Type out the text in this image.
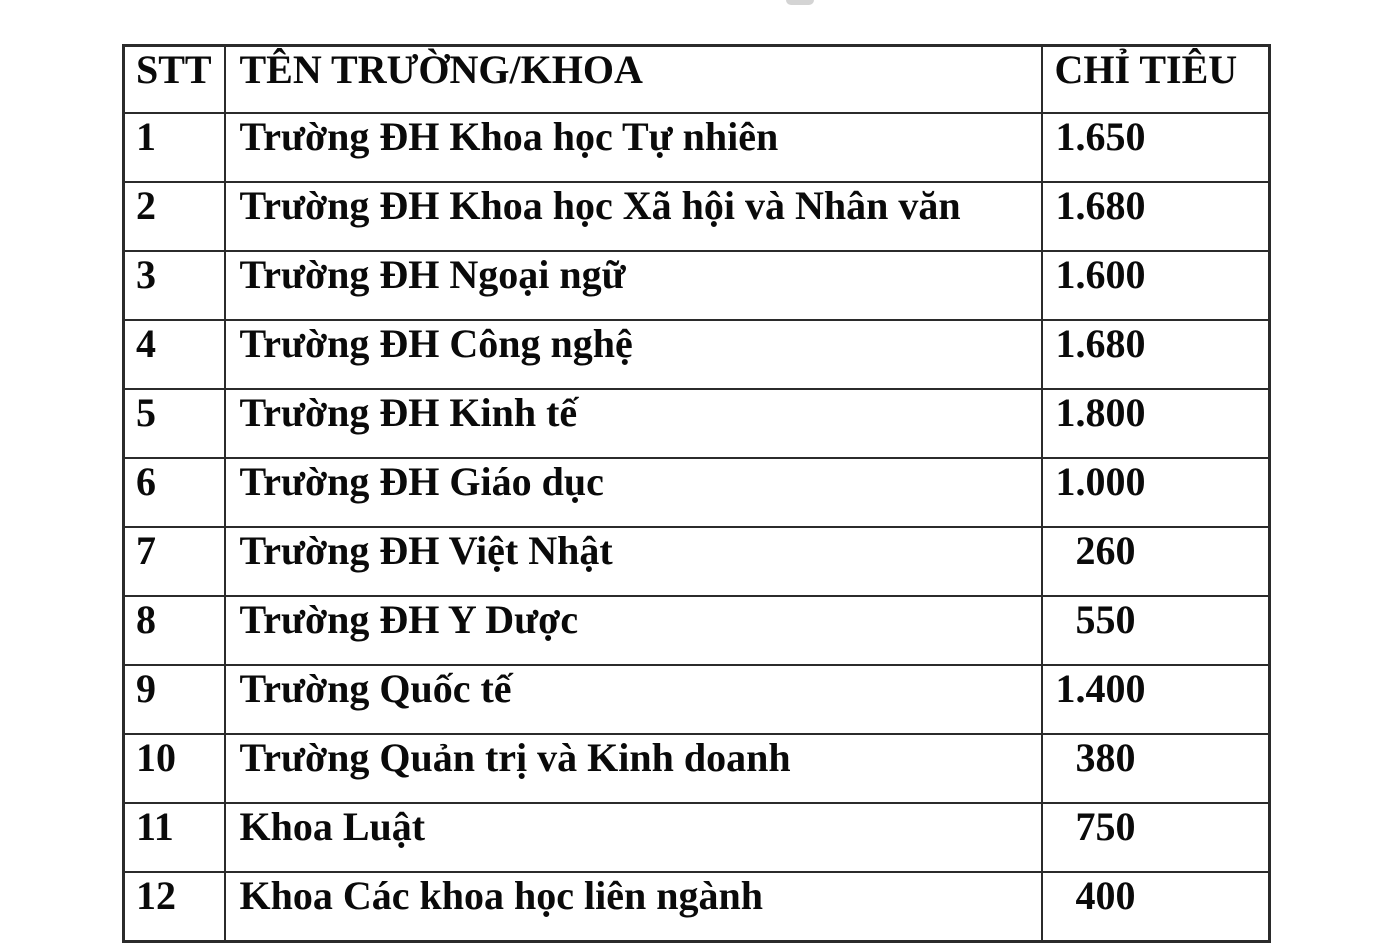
STT	TÊN TRƯỜNG/KHOA	CHỈ TIÊU
1	Trường ĐH Khoa học Tự nhiên	1.650
2	Trường ĐH Khoa học Xã hội và Nhân văn	1.680
3	Trường ĐH Ngoại ngữ	1.600
4	Trường ĐH Công nghệ	1.680
5	Trường ĐH Kinh tế	1.800
6	Trường ĐH Giáo dục	1.000
7	Trường ĐH Việt Nhật	260
8	Trường ĐH Y Dược	550
9	Trường Quốc tế	1.400
10	Trường Quản trị và Kinh doanh	380
11	Khoa Luật	750
12	Khoa Các khoa học liên ngành	400
